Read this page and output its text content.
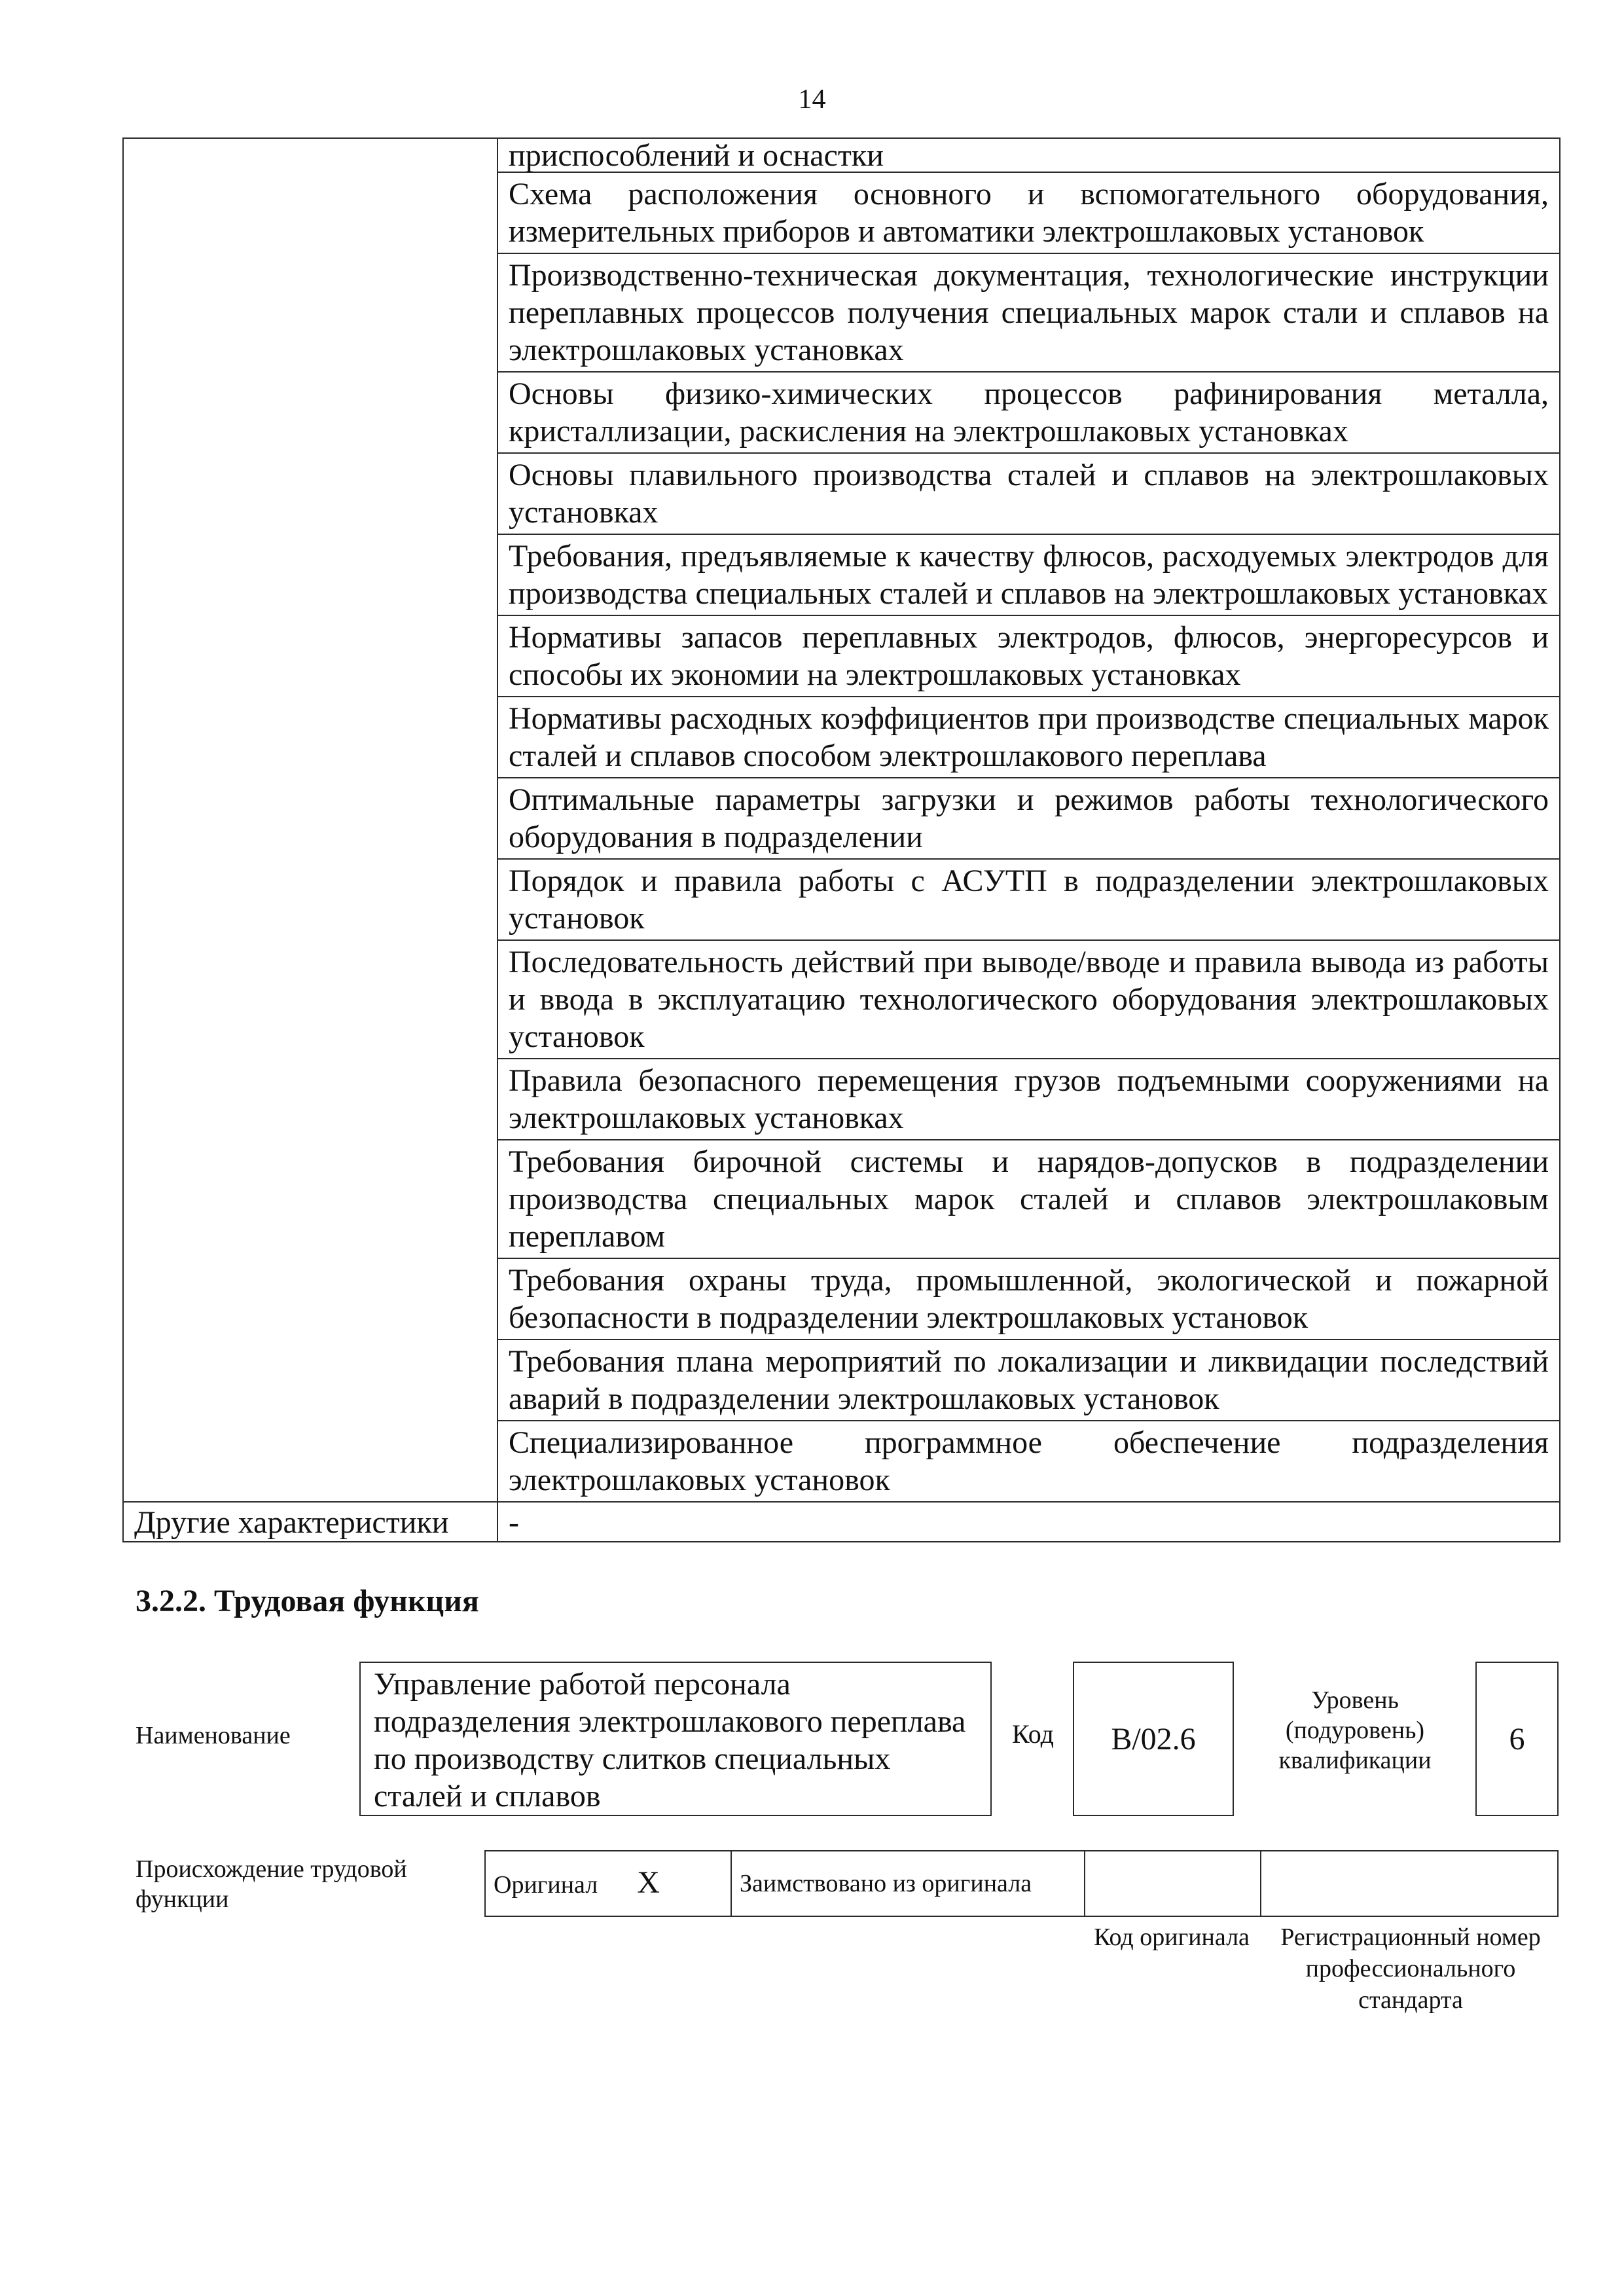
14
	приспособлений и оснастки
	Схема расположения основного и вспомогательного оборудования, измерительных приборов и автоматики электрошлаковых установок
	Производственно-техническая документация, технологические инструкции переплавных процессов получения специальных марок стали и сплавов на электрошлаковых установках
	Основы физико-химических процессов рафинирования металла, кристаллизации, раскисления на электрошлаковых установках
	Основы плавильного производства сталей и сплавов на электрошлаковых установках
	Требования, предъявляемые к качеству флюсов, расходуемых электродов для производства специальных сталей и сплавов на электрошлаковых установках
	Нормативы запасов переплавных электродов, флюсов, энергоресурсов и способы их экономии на электрошлаковых установках
	Нормативы расходных коэффициентов при производстве специальных марок сталей и сплавов способом электрошлакового переплава
	Оптимальные параметры загрузки и режимов работы технологического оборудования в подразделении
	Порядок и правила работы с АСУТП в подразделении электрошлаковых установок
	Последовательность действий при выводе/вводе и правила вывода из работы и ввода в эксплуатацию технологического оборудования электрошлаковых установок
	Правила безопасного перемещения грузов подъемными сооружениями на электрошлаковых установках
	Требования бирочной системы и нарядов-допусков в подразделении производства специальных марок сталей и сплавов электрошлаковым переплавом
	Требования охраны труда, промышленной, экологической и пожарной безопасности в подразделении электрошлаковых установок
	Требования плана мероприятий по локализации и ликвидации последствий аварий в подразделении электрошлаковых установок
	Специализированное программное обеспечение подразделения электрошлаковых установок
Другие характеристики	-
3.2.2. Трудовая функция
Наименование
Управление работой персонала подразделения электрошлакового переплава по производству слитков специальных сталей и сплавов
Код	B/02.6
Уровень (подуровень) квалификации
6
Происхождение трудовой функции
Оригинал X	Заимствовано из оригинала		
Код оригинала	Регистрационный номер профессионального стандарта
